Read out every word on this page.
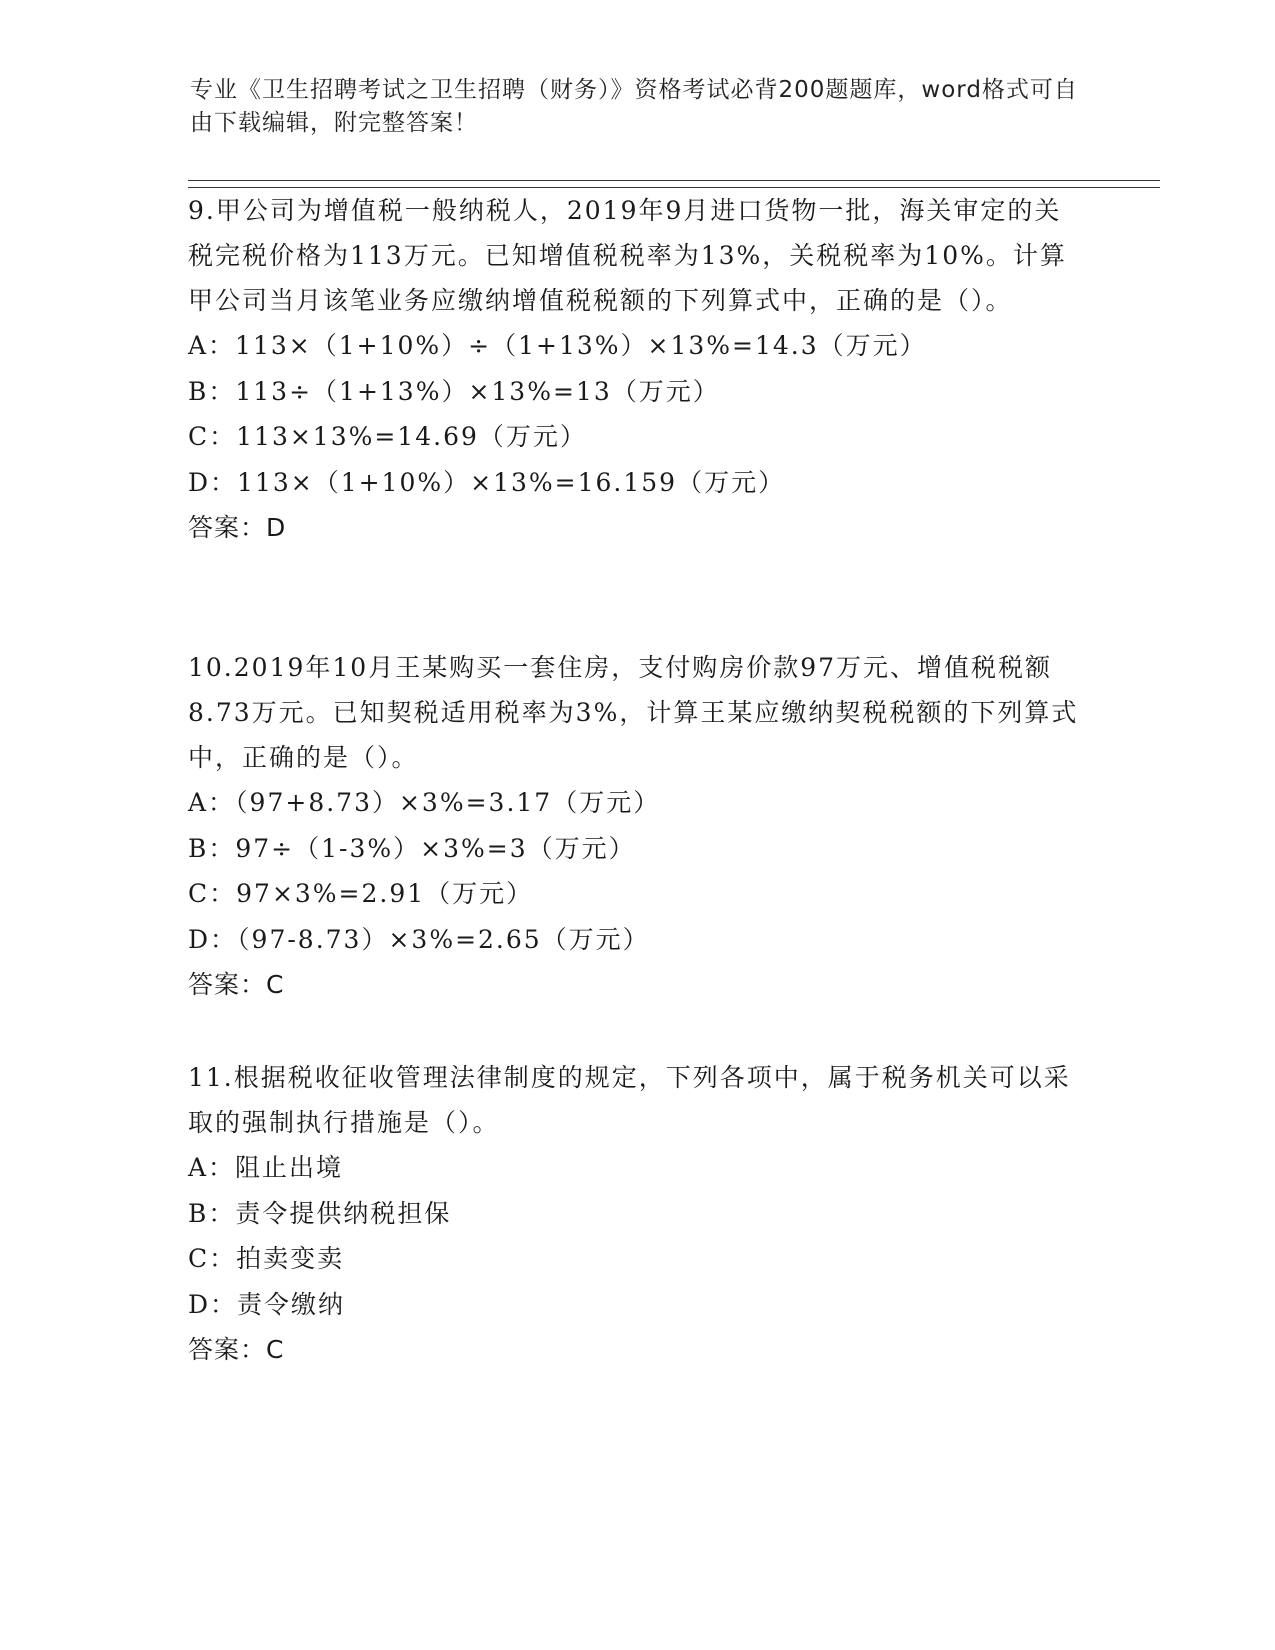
专业《卫生招聘考试之卫生招聘（财务）》资格考试必背200题题库，word格式可自由下载编辑，附完整答案！

9.甲公司为增值税一般纳税人，2019年9月进口货物一批，海关审定的关税完税价格为113万元。已知增值税税率为13%，关税税率为10%。计算甲公司当月该笔业务应缴纳增值税税额的下列算式中，正确的是（）。

A：113×（1+10%）÷（1+13%）×13%=14.3（万元）

B：113÷（1+13%）×13%=13（万元）

C：113×13%=14.69（万元）

D：113×（1+10%）×13%=16.159（万元）

答案：D

10.2019年10月王某购买一套住房，支付购房价款97万元、增值税税额8.73万元。已知契税适用税率为3%，计算王某应缴纳契税税额的下列算式中，正确的是（）。

A：（97+8.73）×3%=3.17（万元）

B：97÷（1-3%）×3%=3（万元）

C：97×3%=2.91（万元）

D：（97-8.73）×3%=2.65（万元）

答案：C

11.根据税收征收管理法律制度的规定，下列各项中，属于税务机关可以采取的强制执行措施是（）。

A：阻止出境

B：责令提供纳税担保

C：拍卖变卖

D：责令缴纳

答案：C
